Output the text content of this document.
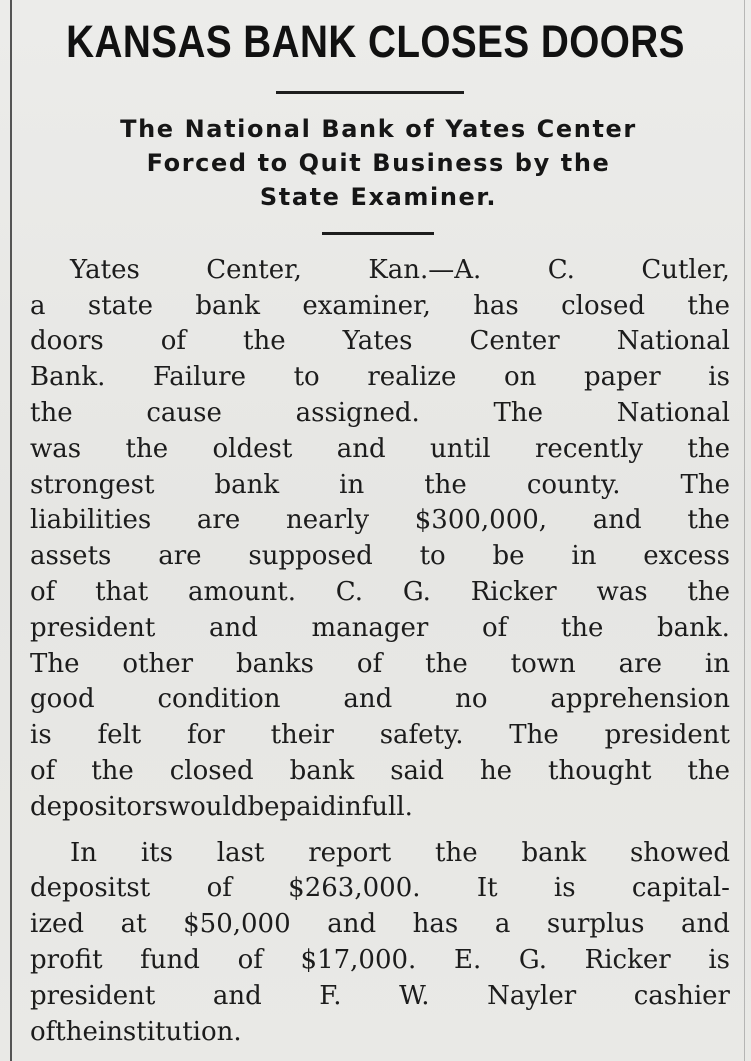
KANSAS BANK CLOSES DOORS
The National Bank of Yates Center
Forced to Quit Business by the
State Examiner.
Yates	Center,	Kan.—A.	C.	Cutler,
a state bank examiner, has closed the
doors of the Yates Center National
Bank. Failure to realize on paper is
the	cause	assigned.	The	National
was the oldest and until recently the
strongest bank in the county. The
liabilities are nearly $300,000, and the
assets are supposed to be in excess
of that amount. C. G. Ricker was the
president and manager of the bank.
The other banks of the town are in
good condition and no apprehension
is felt for their safety. The president
of the closed bank said he thought the
depositors would be paid in full.
In its last report the bank showed
depositst of $263,000. It is capital-
ized at $50,000 and has a surplus and
profit fund of $17,000. E. G. Ricker is
president and F. W. Nayler cashier
of the institution.
